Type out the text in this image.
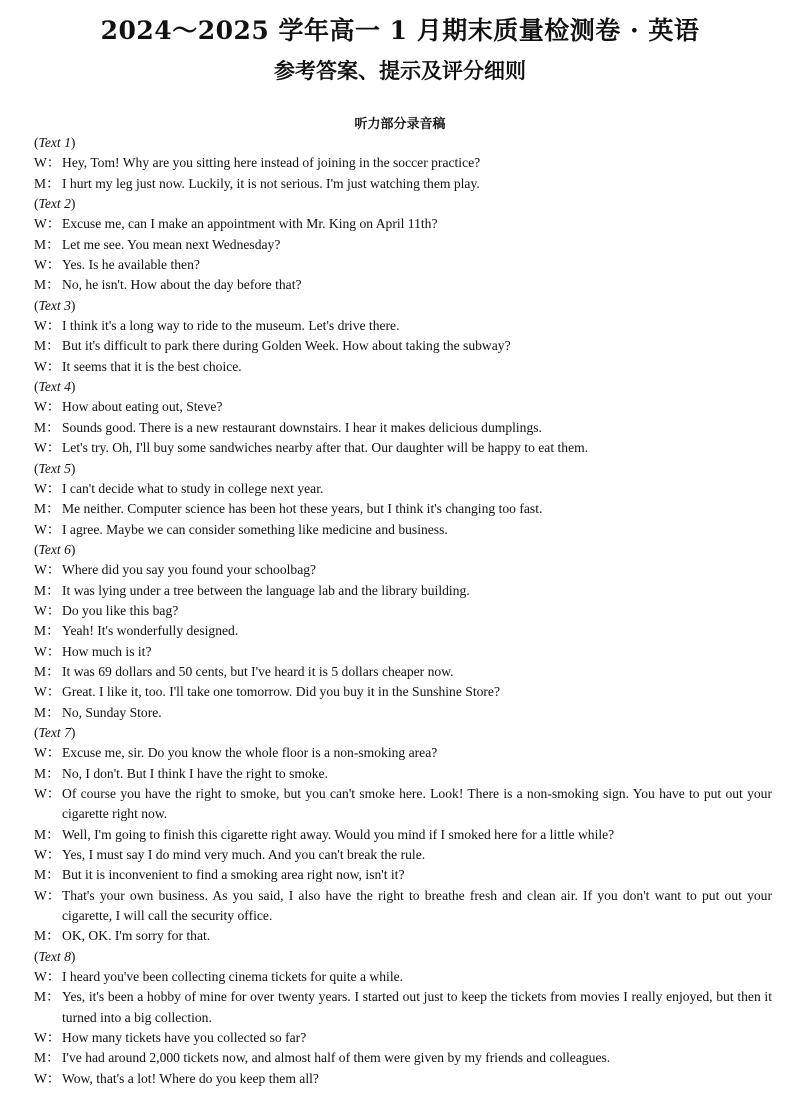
2024～2025 学年高一 1 月期末质量检测卷 · 英语
参考答案、提示及评分细则
听力部分录音稿
(Text 1)
W： Hey, Tom! Why are you sitting here instead of joining in the soccer practice?
M： I hurt my leg just now. Luckily, it is not serious. I'm just watching them play.
(Text 2)
W： Excuse me, can I make an appointment with Mr. King on April 11th?
M： Let me see. You mean next Wednesday?
W： Yes. Is he available then?
M： No, he isn't. How about the day before that?
(Text 3)
W： I think it's a long way to ride to the museum. Let's drive there.
M： But it's difficult to park there during Golden Week. How about taking the subway?
W： It seems that it is the best choice.
(Text 4)
W： How about eating out, Steve?
M： Sounds good. There is a new restaurant downstairs. I hear it makes delicious dumplings.
W： Let's try. Oh, I'll buy some sandwiches nearby after that. Our daughter will be happy to eat them.
(Text 5)
W： I can't decide what to study in college next year.
M： Me neither. Computer science has been hot these years, but I think it's changing too fast.
W： I agree. Maybe we can consider something like medicine and business.
(Text 6)
W： Where did you say you found your schoolbag?
M： It was lying under a tree between the language lab and the library building.
W： Do you like this bag?
M： Yeah! It's wonderfully designed.
W： How much is it?
M： It was 69 dollars and 50 cents, but I've heard it is 5 dollars cheaper now.
W： Great. I like it, too. I'll take one tomorrow. Did you buy it in the Sunshine Store?
M： No, Sunday Store.
(Text 7)
W： Excuse me, sir. Do you know the whole floor is a non-smoking area?
M： No, I don't. But I think I have the right to smoke.
W： Of course you have the right to smoke, but you can't smoke here. Look! There is a non-smoking sign. You have to put out your cigarette right now.
M： Well, I'm going to finish this cigarette right away. Would you mind if I smoked here for a little while?
W： Yes, I must say I do mind very much. And you can't break the rule.
M： But it is inconvenient to find a smoking area right now, isn't it?
W： That's your own business. As you said, I also have the right to breathe fresh and clean air. If you don't want to put out your cigarette, I will call the security office.
M： OK, OK. I'm sorry for that.
(Text 8)
W： I heard you've been collecting cinema tickets for quite a while.
M： Yes, it's been a hobby of mine for over twenty years. I started out just to keep the tickets from movies I really enjoyed, but then it turned into a big collection.
W： How many tickets have you collected so far?
M： I've had around 2,000 tickets now, and almost half of them were given by my friends and colleagues.
W： Wow, that's a lot! Where do you keep them all?
